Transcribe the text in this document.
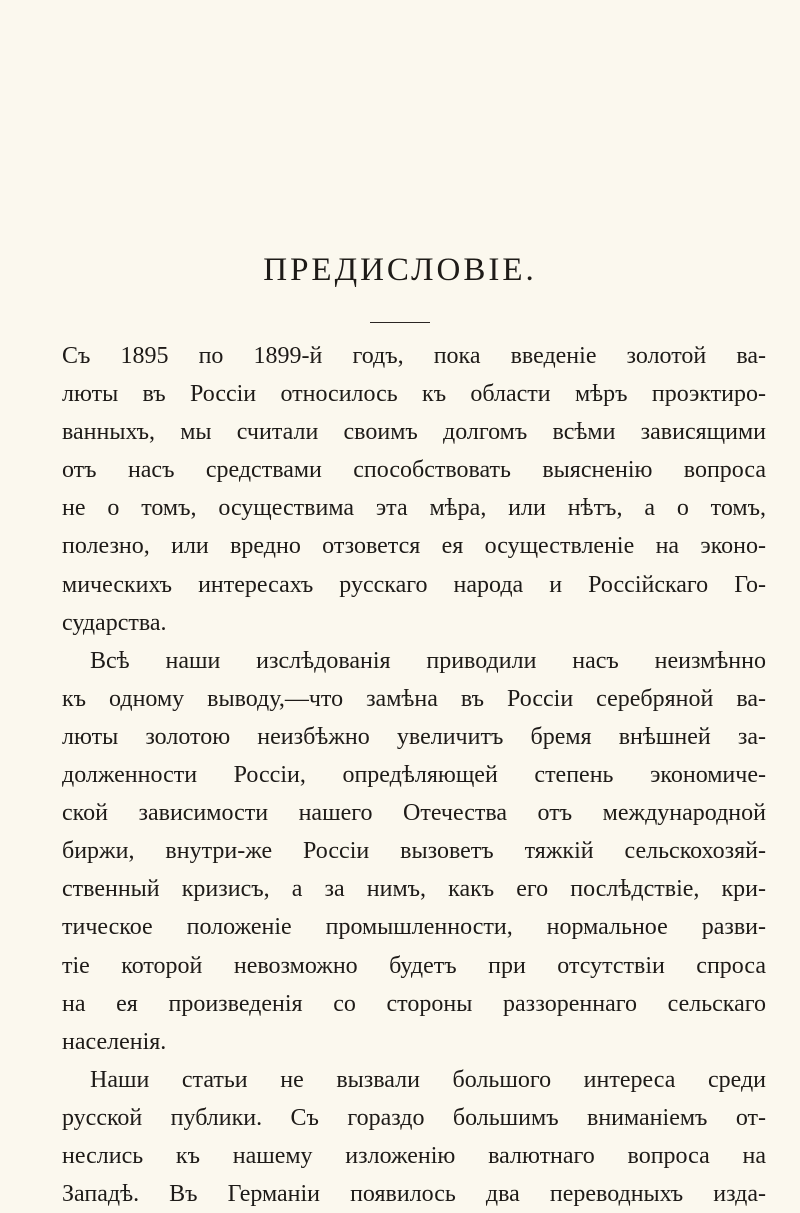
ПРЕДИСЛОВІЕ.
Съ 1895 по 1899-й годъ, пока введеніе золотой ва-
люты въ Россіи относилось къ области мѣръ проэктиро-
ванныхъ, мы считали своимъ долгомъ всѣми зависящими
отъ насъ средствами способствовать выясненію вопроса
не о томъ, осуществима эта мѣра, или нѣтъ, а о томъ,
полезно, или вредно отзовется ея осуществленіе на эконо-
мическихъ интересахъ русскаго народа и Россійскаго Го-
сударства.
Всѣ наши изслѣдованія приводили насъ неизмѣнно
къ одному выводу,—что замѣна въ Россіи серебряной ва-
люты золотою неизбѣжно увеличитъ бремя внѣшней за-
долженности Россіи, опредѣляющей степень экономиче-
ской зависимости нашего Отечества отъ международной
биржи, внутри-же Россіи вызоветъ тяжкій сельскохозяй-
ственный кризисъ, а за нимъ, какъ его послѣдствіе, кри-
тическое положеніе промышленности, нормальное разви-
тіе которой невозможно будетъ при отсутствіи спроса
на ея произведенія со стороны раззореннаго сельскаго
населенія.
Наши статьи не вызвали большого интереса среди
русской публики. Съ гораздо большимъ вниманіемъ от-
неслись къ нашему изложенію валютнаго вопроса на
Западѣ. Въ Германіи появилось два переводныхъ изда-
